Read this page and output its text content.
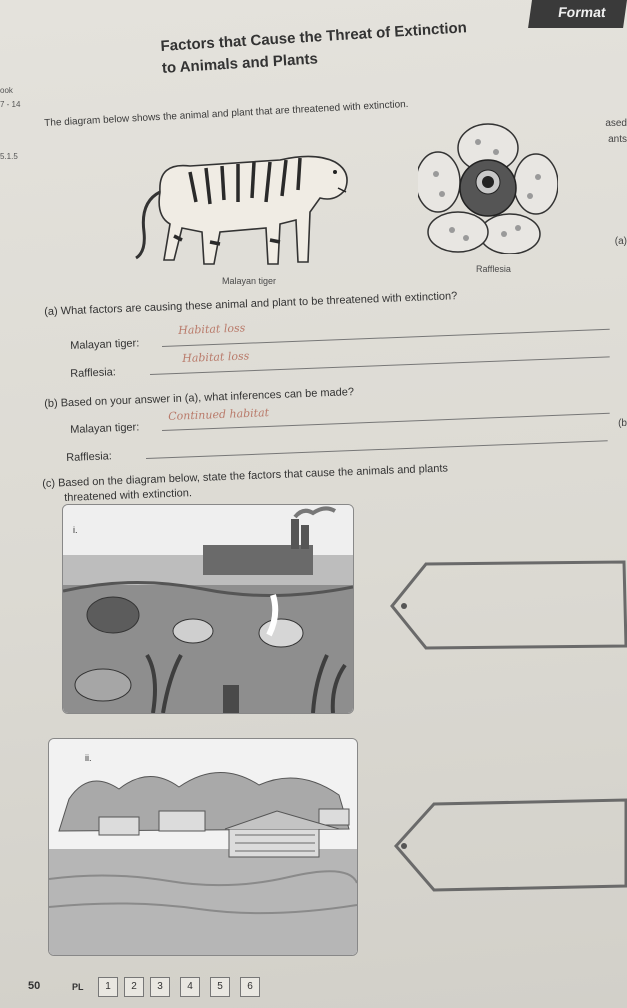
Format
ook
7 - 14
5.1.5
ased
ants
(a)
(b
Factors that Cause the Threat of Extinction
to Animals and Plants
The diagram below shows the animal and plant that are threatened with extinction.
Malayan tiger
Rafflesia
(a) What factors are causing these animal and plant to be threatened with extinction?
Malayan tiger:
Habitat loss
Rafflesia:
Habitat loss
(b) Based on your answer in (a), what inferences can be made?
Malayan tiger:
Continued habitat
Rafflesia:
(c) Based on the diagram below, state the factors that cause the animals and plants
threatened with extinction.
i.
ii.
50	PL	1	2	3	4	5	6
